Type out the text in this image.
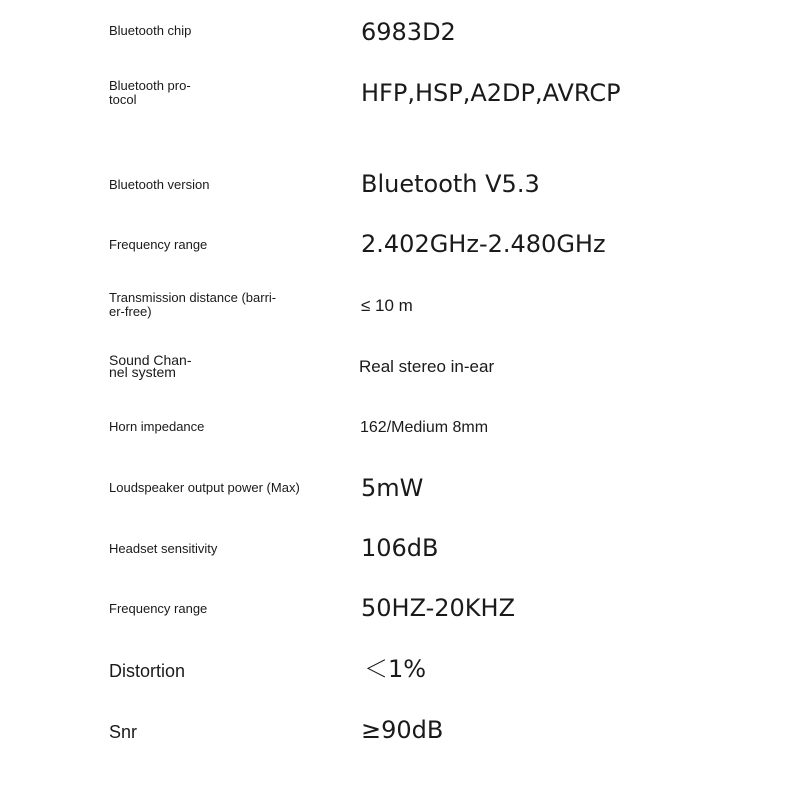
Bluetooth chip	6983D2
Bluetooth pro-
tocol	HFP,HSP,A2DP,AVRCP
Bluetooth version	Bluetooth V5.3
Frequency range	2.402GHz-2.480GHz
Transmission distance (barri-
er-free)	≤ 10 m
Sound Chan-
nel system	Real stereo in-ear
Horn impedance	162/Medium 8mm
Loudspeaker output power (Max)	5mW
Headset sensitivity	106dB
Frequency range	50HZ-20KHZ
Distortion	＜1%
Snr	≥90dB
